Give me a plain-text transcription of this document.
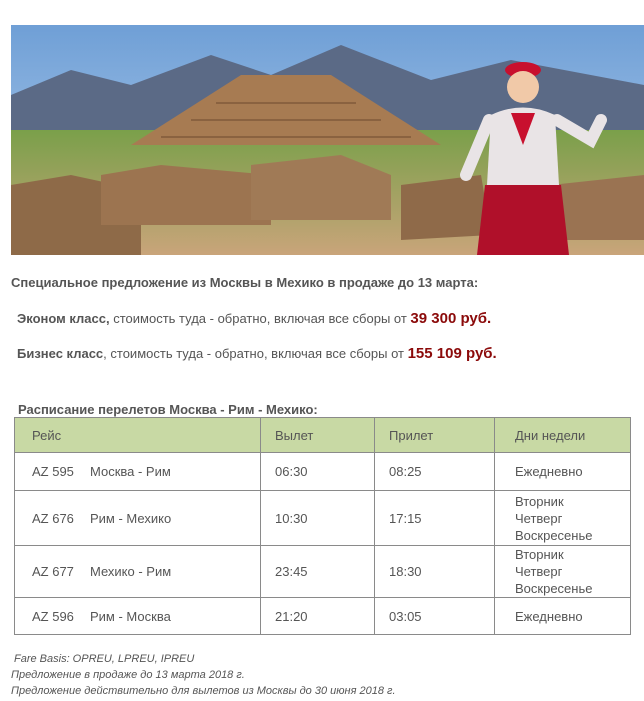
Специальное предложение из Москвы в Мехико в продаже до 13 марта:
Эконом класс, стоимость туда - обратно, включая все сборы от 39 300 руб.
Бизнес класс, стоимость туда - обратно, включая все сборы от 155 109 руб.
Расписание перелетов Москва - Рим - Мехико:
Рейс	Вылет	Прилет	Дни недели
AZ 595 Москва - Рим	06:30	08:25	Ежедневно

AZ 676 Рим - Мехико	10:30	17:15	Вторник
Четверг
Воскресенье

AZ 677 Мехико - Рим	23:45	18:30	Вторник
Четверг
Воскресенье

AZ 596 Рим - Москва	21:20	03:05	Ежедневно
Fare Basis: OPREU, LPREU, IPREU
Предложение в продаже до 13 марта 2018 г.
Предложение действительно для вылетов из Москвы до 30 июня 2018 г.
